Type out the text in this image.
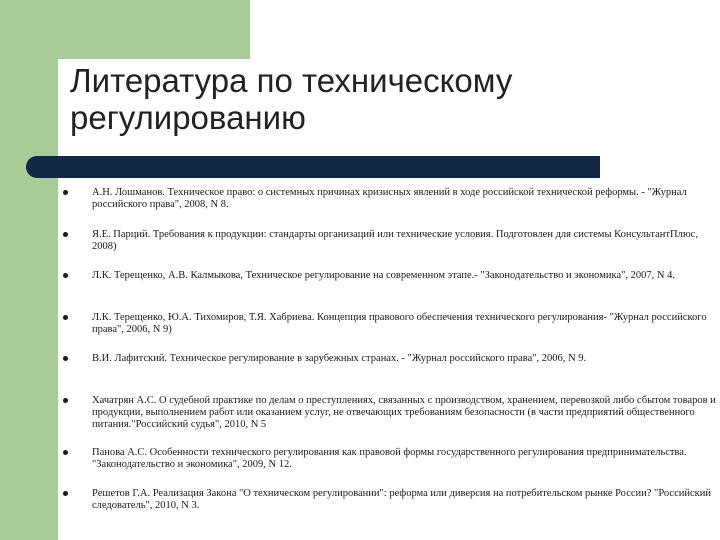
Литература по техническому регулированию
А.Н. Лошманов. Техническое право: о системных причинах кризисных явлений в ходе российской технической реформы. - "Журнал российского права", 2008, N 8.
Я.Е. Парций. Требования к продукции: стандарты организаций или технические условия. Подготовлен для системы КонсультантПлюс, 2008)
Л.К. Терещенко, А.В. Калмыкова, Техническое регулирование на современном этапе.- "Законодательство и экономика", 2007, N 4.
Л.К. Терещенко, Ю.А. Тихомиров, Т.Я. Хабриева. Концепция правового обеспечения технического регулирования- "Журнал российского права", 2006, N 9)
В.И. Лафитский. Техническое регулирование в зарубежных странах. - "Журнал российского права", 2006, N 9.
Хачатрян А.С. О судебной практике по делам о преступлениях, связанных с производством, хранением, перевозкой либо сбытом товаров и продукции, выполнением работ или оказанием услуг, не отвечающих требованиям безопасности (в части предприятий общественного питания."Российский судья", 2010, N 5
Панова А.С. Особенности технического регулирования как правовой формы государственного регулирования предпринимательства. "Законодательство и экономика", 2009, N 12.
Решетов Г.А. Реализация Закона "О техническом регулировании": реформа или диверсия на потребительском рынке России? "Российский следователь", 2010, N 3.
